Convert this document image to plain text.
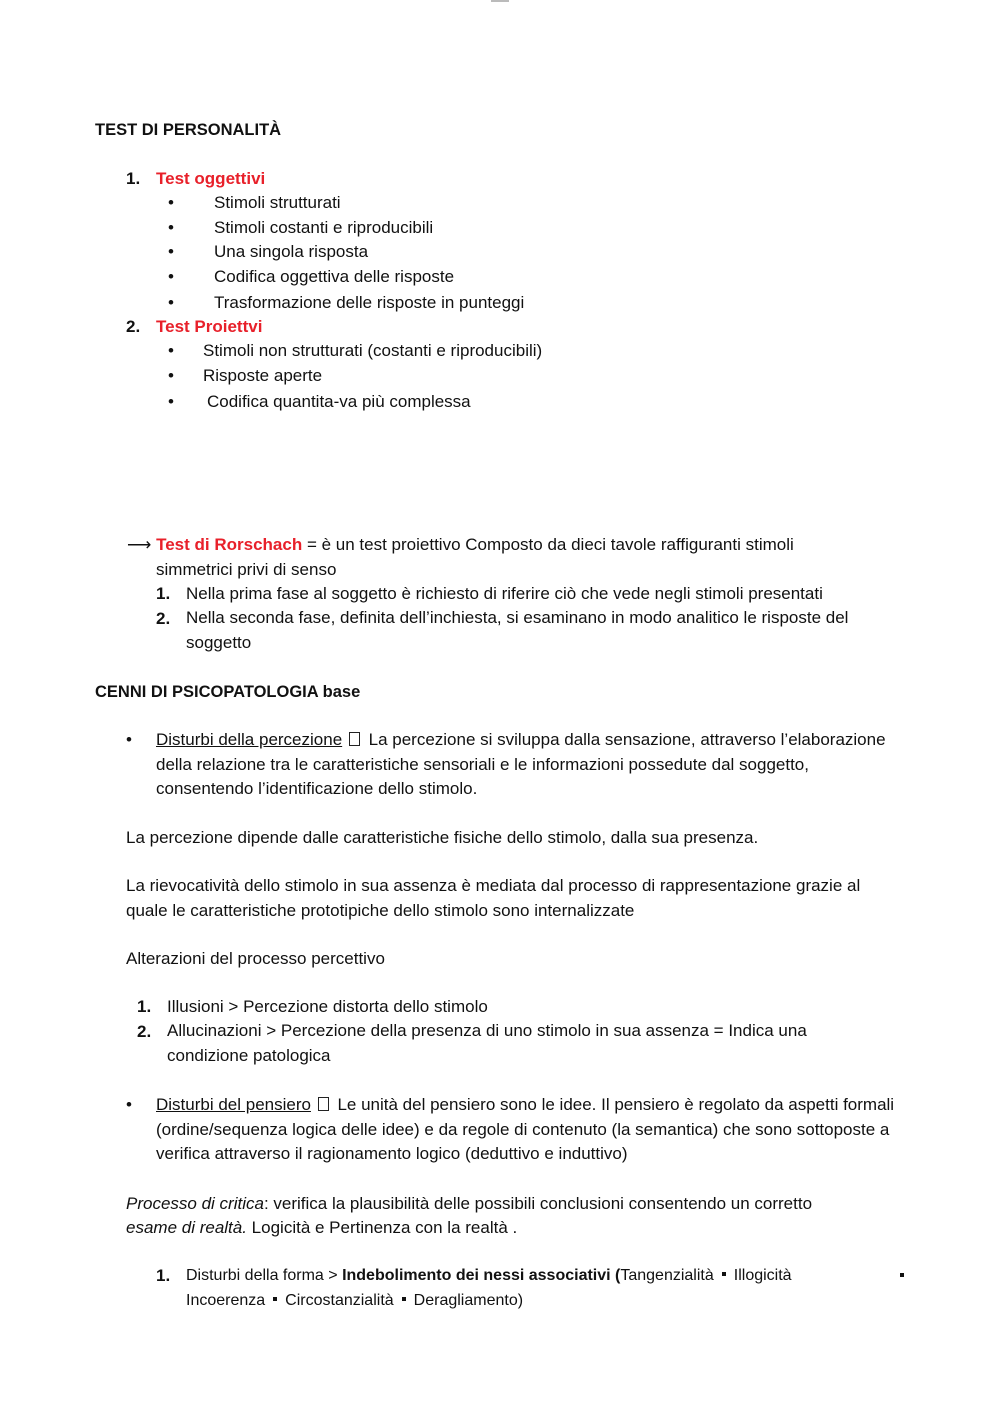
TEST DI PERSONALITÀ
1. Test oggettivi
• Stimoli strutturati
• Stimoli costanti e riproducibili
• Una singola risposta
• Codifica oggettiva delle risposte
• Trasformazione delle risposte in punteggi
2. Test Proiettvi
• Stimoli non strutturati (costanti e riproducibili)
• Risposte aperte
• Codifica quantita-va più complessa
⟶ Test di Rorschach = è un test proiettivo Composto da dieci tavole raffiguranti stimoli
simmetrici privi di senso
1. Nella prima fase al soggetto è richiesto di riferire ciò che vede negli stimoli presentati
2. Nella seconda fase, definita dell’inchiesta, si esaminano in modo analitico le risposte del soggetto
CENNI DI PSICOPATOLOGIA base
• Disturbi della percezione La percezione si sviluppa dalla sensazione, attraverso l’elaborazione della relazione tra le caratteristiche sensoriali e le informazioni possedute dal soggetto, consentendo l’identificazione dello stimolo.
La percezione dipende dalle caratteristiche fisiche dello stimolo, dalla sua presenza.
La rievocatività dello stimolo in sua assenza è mediata dal processo di rappresentazione grazie al quale le caratteristiche prototipiche dello stimolo sono internalizzate
Alterazioni del processo percettivo
1. Illusioni > Percezione distorta dello stimolo
2. Allucinazioni > Percezione della presenza di uno stimolo in sua assenza = Indica una condizione patologica
• Disturbi del pensiero Le unità del pensiero sono le idee. Il pensiero è regolato da aspetti formali (ordine/sequenza logica delle idee) e da regole di contenuto (la semantica) che sono sottoposte a verifica attraverso il ragionamento logico (deduttivo e induttivo)
Processo di critica: verifica la plausibilità delle possibili conclusioni consentendo un corretto
esame di realtà. Logicità e Pertinenza con la realtà .
1. Disturbi della forma > Indebolimento dei nessi associativi (Tangenzialità Illogicità
Incoerenza Circostanzialità Deragliamento)
